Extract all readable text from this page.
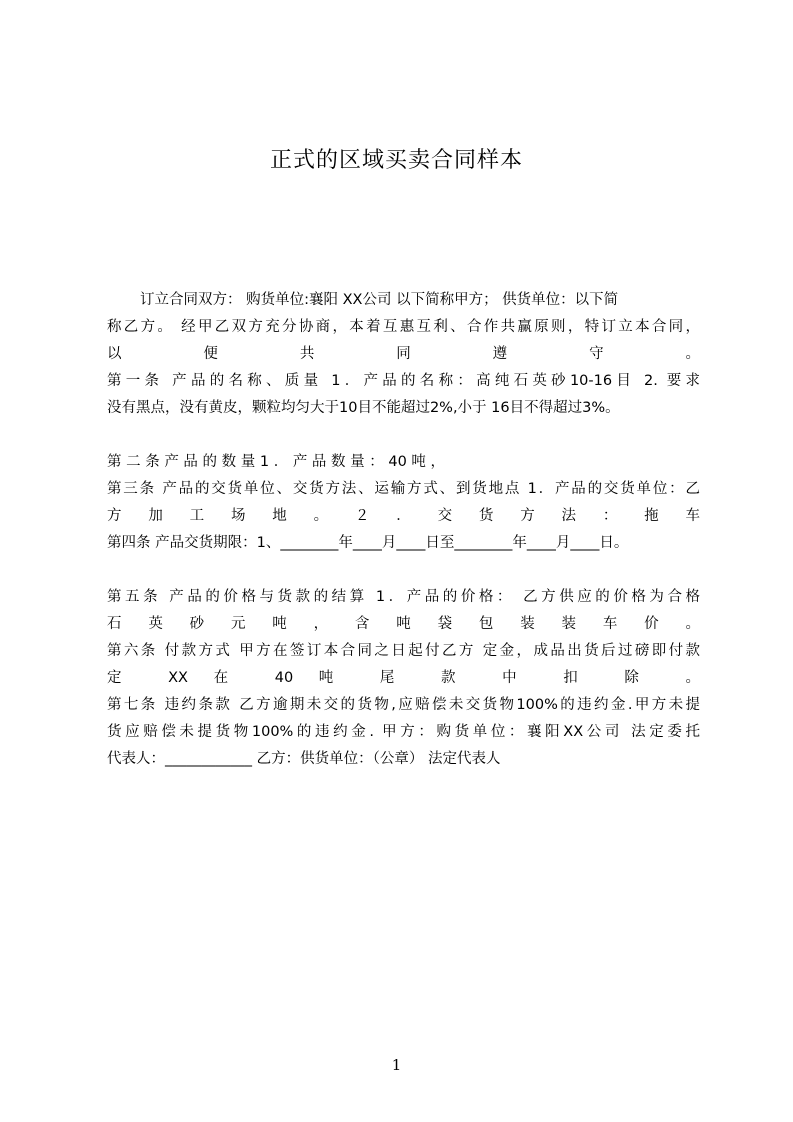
正式的区域买卖合同样本
订立合同双方： 购货单位:襄阳 XX公司 以下简称甲方； 供货单位：以下简
称乙方。 经甲乙双方充分协商，本着互惠互利、合作共赢原则，特订立本合同，
以 便 共 同 遵 守 。
第一条 产品的名称、质量 1．产品的名称：高纯石英砂10-16目 2. 要求
没有黑点，没有黄皮，颗粒均匀大于10目不能超过2%,小于 16目不得超过3%。
第 二 条 产 品 的 数 量 1 ． 产 品 数 量 ： 40 吨 ，
第三条 产品的交货单位、交货方法、运输方式、到货地点 1．产品的交货单位：乙
方 加 工 场 地 。 ２ ． 交 货 方 法 ： 拖 车
第四条 产品交货期限：1、________年____月____日至________年____月____日。
第五条 产品的价格与货款的结算 1．产品的价格： 乙方供应的价格为合格
石 英 砂 元 吨 ， 含 吨 袋 包 装 装 车 价 。
第六条 付款方式 甲方在签订本合同之日起付乙方 定金，成品出货后过磅即付款
定 XX 在 40 吨 尾 款 中 扣 除 。
第七条 违约条款 乙方逾期未交的货物,应赔偿未交货物100%的违约金.甲方未提
货应赔偿未提货物100%的违约金. 甲方：购货单位：襄阳XX公司 法定委托
代表人：____________ 乙方：供货单位：（公章） 法定代表人
1
